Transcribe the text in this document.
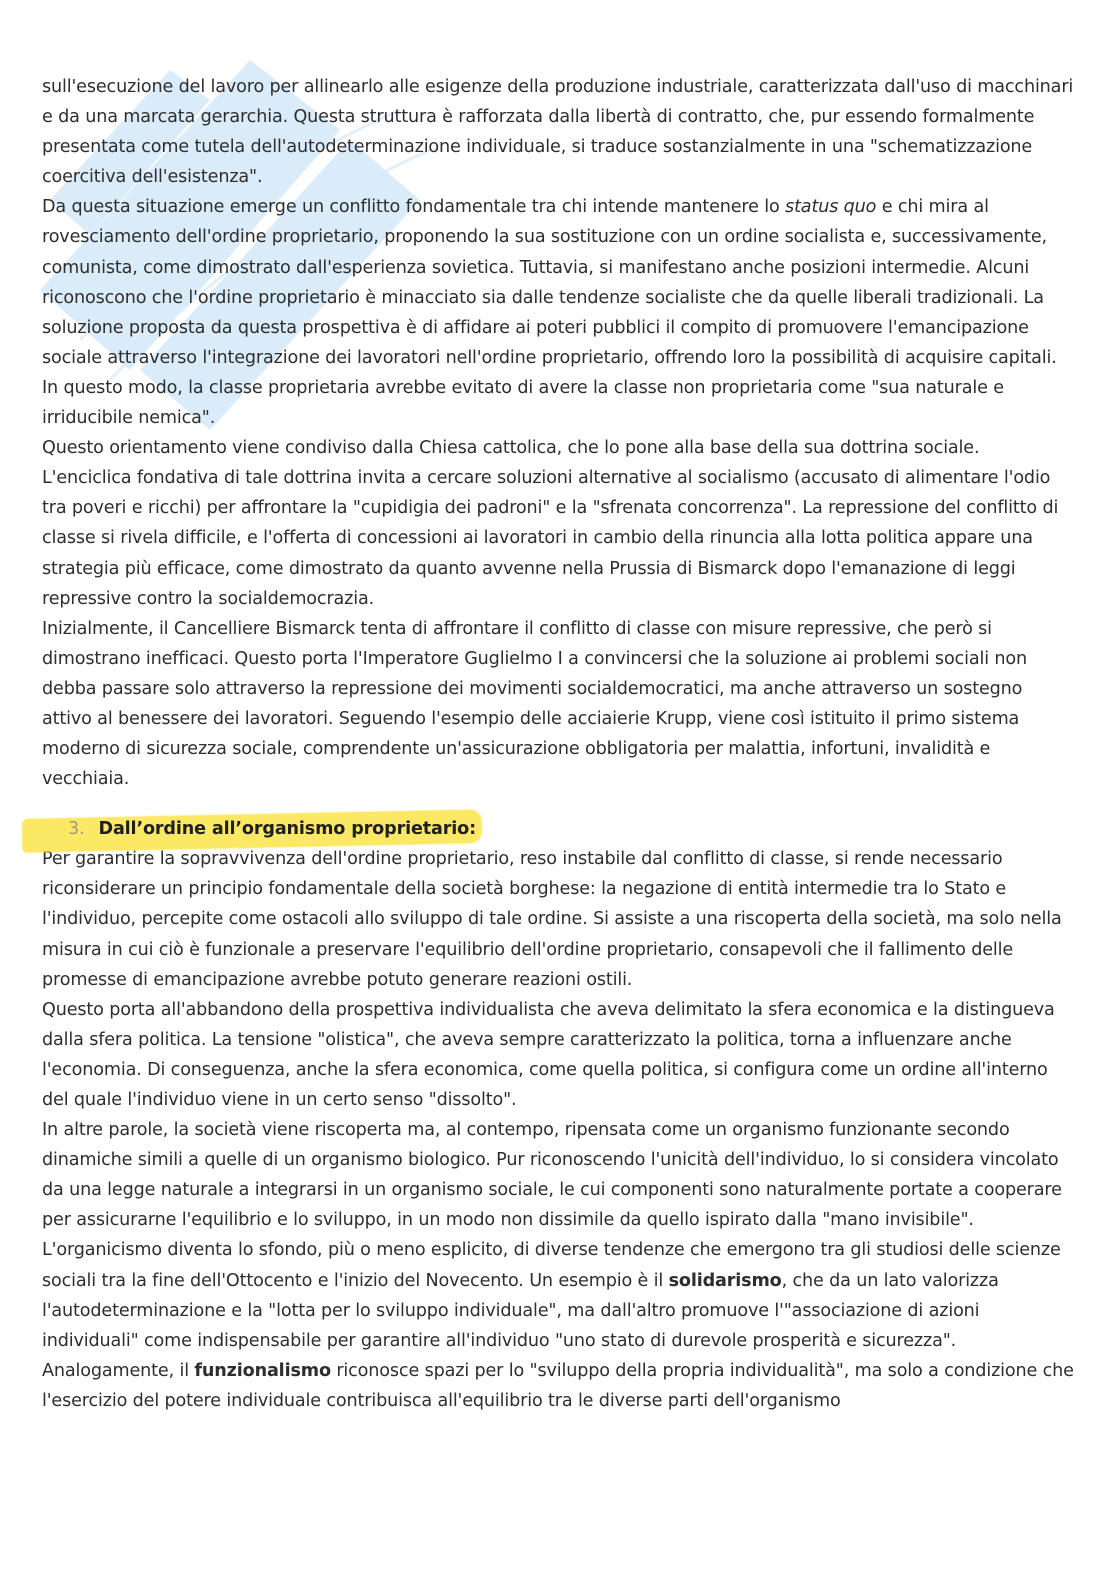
sull'esecuzione del lavoro per allinearlo alle esigenze della produzione industriale, caratterizzata dall'uso di macchinari e da una marcata gerarchia. Questa struttura è rafforzata dalla libertà di contratto, che, pur essendo formalmente presentata come tutela dell'autodeterminazione individuale, si traduce sostanzialmente in una "schematizzazione coercitiva dell'esistenza".

Da questa situazione emerge un conflitto fondamentale tra chi intende mantenere lo status quo e chi mira al rovesciamento dell'ordine proprietario, proponendo la sua sostituzione con un ordine socialista e, successivamente, comunista, come dimostrato dall'esperienza sovietica. Tuttavia, si manifestano anche posizioni intermedie. Alcuni riconoscono che l'ordine proprietario è minacciato sia dalle tendenze socialiste che da quelle liberali tradizionali. La soluzione proposta da questa prospettiva è di affidare ai poteri pubblici il compito di promuovere l'emancipazione sociale attraverso l'integrazione dei lavoratori nell'ordine proprietario, offrendo loro la possibilità di acquisire capitali. In questo modo, la classe proprietaria avrebbe evitato di avere la classe non proprietaria come "sua naturale e irriducibile nemica".

Questo orientamento viene condiviso dalla Chiesa cattolica, che lo pone alla base della sua dottrina sociale. L'enciclica fondativa di tale dottrina invita a cercare soluzioni alternative al socialismo (accusato di alimentare l'odio tra poveri e ricchi) per affrontare la "cupidigia dei padroni" e la "sfrenata concorrenza". La repressione del conflitto di classe si rivela difficile, e l'offerta di concessioni ai lavoratori in cambio della rinuncia alla lotta politica appare una strategia più efficace, come dimostrato da quanto avvenne nella Prussia di Bismarck dopo l'emanazione di leggi repressive contro la socialdemocrazia.

Inizialmente, il Cancelliere Bismarck tenta di affrontare il conflitto di classe con misure repressive, che però si dimostrano inefficaci. Questo porta l'Imperatore Guglielmo I a convincersi che la soluzione ai problemi sociali non debba passare solo attraverso la repressione dei movimenti socialdemocratici, ma anche attraverso un sostegno attivo al benessere dei lavoratori. Seguendo l'esempio delle acciaierie Krupp, viene così istituito il primo sistema moderno di sicurezza sociale, comprendente un'assicurazione obbligatoria per malattia, infortuni, invalidità e vecchiaia.

3. Dall’ordine all’organismo proprietario:

Per garantire la sopravvivenza dell'ordine proprietario, reso instabile dal conflitto di classe, si rende necessario riconsiderare un principio fondamentale della società borghese: la negazione di entità intermedie tra lo Stato e l'individuo, percepite come ostacoli allo sviluppo di tale ordine. Si assiste a una riscoperta della società, ma solo nella misura in cui ciò è funzionale a preservare l'equilibrio dell'ordine proprietario, consapevoli che il fallimento delle promesse di emancipazione avrebbe potuto generare reazioni ostili.

Questo porta all'abbandono della prospettiva individualista che aveva delimitato la sfera economica e la distingueva dalla sfera politica. La tensione "olistica", che aveva sempre caratterizzato la politica, torna a influenzare anche l'economia. Di conseguenza, anche la sfera economica, come quella politica, si configura come un ordine all'interno del quale l'individuo viene in un certo senso "dissolto".

In altre parole, la società viene riscoperta ma, al contempo, ripensata come un organismo funzionante secondo dinamiche simili a quelle di un organismo biologico. Pur riconoscendo l'unicità dell'individuo, lo si considera vincolato da una legge naturale a integrarsi in un organismo sociale, le cui componenti sono naturalmente portate a cooperare per assicurarne l'equilibrio e lo sviluppo, in un modo non dissimile da quello ispirato dalla "mano invisibile".

L'organicismo diventa lo sfondo, più o meno esplicito, di diverse tendenze che emergono tra gli studiosi delle scienze sociali tra la fine dell'Ottocento e l'inizio del Novecento. Un esempio è il solidarismo, che da un lato valorizza l'autodeterminazione e la "lotta per lo sviluppo individuale", ma dall'altro promuove l'"associazione di azioni individuali" come indispensabile per garantire all'individuo "uno stato di durevole prosperità e sicurezza".

Analogamente, il funzionalismo riconosce spazi per lo "sviluppo della propria individualità", ma solo a condizione che l'esercizio del potere individuale contribuisca all'equilibrio tra le diverse parti dell'organismo
